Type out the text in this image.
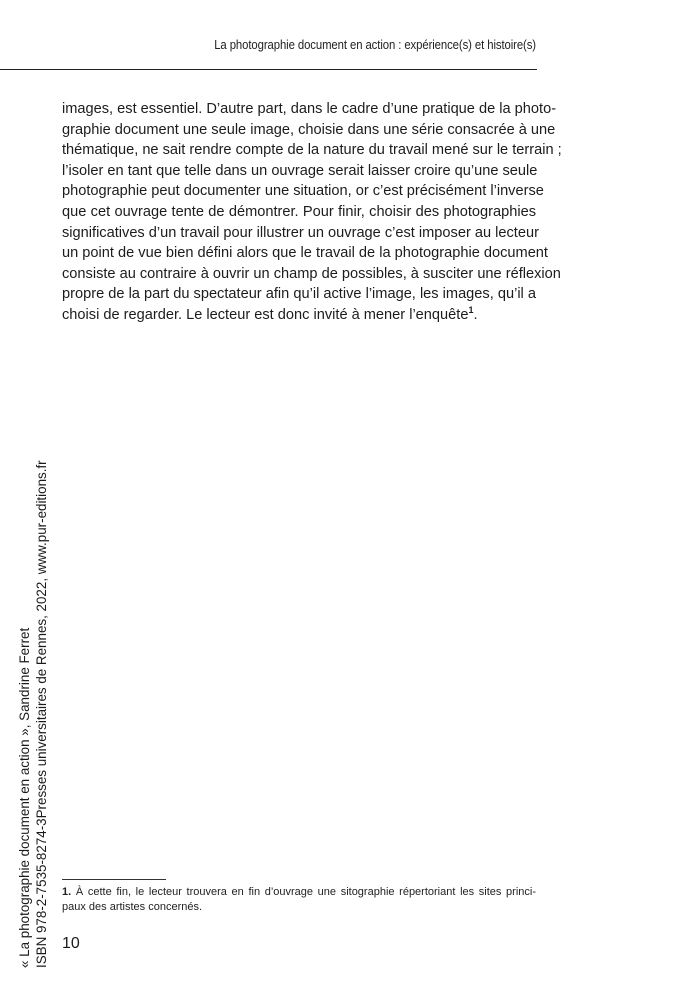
La photographie document en action : expérience(s) et histoire(s)
images, est essentiel. D’autre part, dans le cadre d’une pratique de la photo-
graphie document une seule image, choisie dans une série consacrée à une
thématique, ne sait rendre compte de la nature du travail mené sur le terrain ;
l’isoler en tant que telle dans un ouvrage serait laisser croire qu’une seule
photographie peut documenter une situation, or c’est précisément l’inverse
que cet ouvrage tente de démontrer. Pour finir, choisir des photographies
significatives d’un travail pour illustrer un ouvrage c’est imposer au lecteur
un point de vue bien défini alors que le travail de la photographie document
consiste au contraire à ouvrir un champ de possibles, à susciter une réflexion
propre de la part du spectateur afin qu’il active l’image, les images, qu’il a
choisi de regarder. Le lecteur est donc invité à mener l’enquête$^1$.
1. À cette fin, le lecteur trouvera en fin d’ouvrage une sitographie répertoriant les sites princi-
paux des artistes concernés.
10
« La photographie document en action », Sandrine Ferret ISBN 978-2-7535-8274-3Presses universitaires de Rennes, 2022, www.pur-editions.fr
